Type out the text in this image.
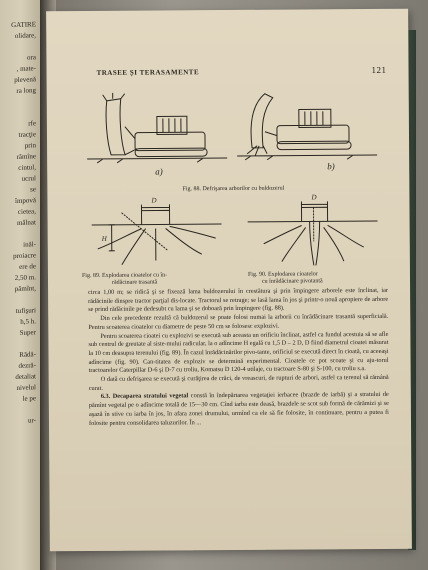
GATIRE
olidare,
ora
, mate-
plevenă
ra long
rfe
tracţie
prin
rămîne
cintul,
ucrul
se
împovă
cietea,
mâlnat
inăl-
proiacre
ere de
2,50 m.
pămînt,
tufişuri
h,5 h.
Super
Rădă-
dezră-
detaliat
nivelul
le pe
ur-
TRASEE ȘI TERASAMENTE	121
a)
b)
Fig. 88. Defrişarea arborilor cu buldozerul
D
H
Fig. 89. Explodarea cioatelor cu în-
rădăcinare trasantă
D
Fig. 90. Explodarea cioatelor
cu înrădăcinare pivotantă

circa 1,00 m; se ridică şi se fixează lama buldozerului în crestătura şi prin împingere arborele este înclinat, iar rădăcinile dinspre tractor parţial dis-locate. Tractorul se retrage; se lasă lama în jos şi printr-o nouă apropiere de arbore se prind rădăcinile pe dedesubt cu lama şi se doboară prin împingere (fig. 88).

Din cele precedente rezultă că buldozerul se poate folosi numai la arborii cu înrădăcinare trasantă superficială. Pentru scoaterea cioatelor cu diametre de peste 50 cm se folosesc explozivi.

Pentru scoaterea cioatei cu explozivi se execută sub aceasta un orificiu înclinat, astfel ca fundul acestuia să se afle sub centrul de greutate al siste-mului radicular, la o adîncime H egală cu 1,5 D – 2 D, D fiind diametrul cioatei măsurat la 10 cm deasupra terenului (fig. 89). În cazul înrădăcinărilor pivo-tante, orificiul se execută direct în cioată, cu aceeaşi adîncime (fig. 90). Can-titatea de exploziv se determină experimental. Cioatele ce pot scoate şi cu aju-torul tractoarelor Caterpillar D-6 şi D-7 cu troliu, Komatsu D 120-4 utilaje, cu tractoare S-80 şi S-100, cu troliu s.a.

O dată cu defrişarea se execută şi curăţirea de crăci, de vreascuri, de rupturi de arbori, astfel ca terenul să rămână curat.

6.3. Decaparea stratului vegetal constă în îndepărtarea vegetaţiei ierbacee (brazde de iarbă) şi a stratului de pămînt vegetal pe o adîncime totală de 15—30 cm. Cînd iarba este deasă, brazdele se scot sub formă de cărămizi şi se aşază în stive cu iarba în jos, în afara zonei drumului, urmînd ca ele să fie folosite, în continuare, pentru a putea fi folosite pentru consolidarea taluzurilor. În ...
